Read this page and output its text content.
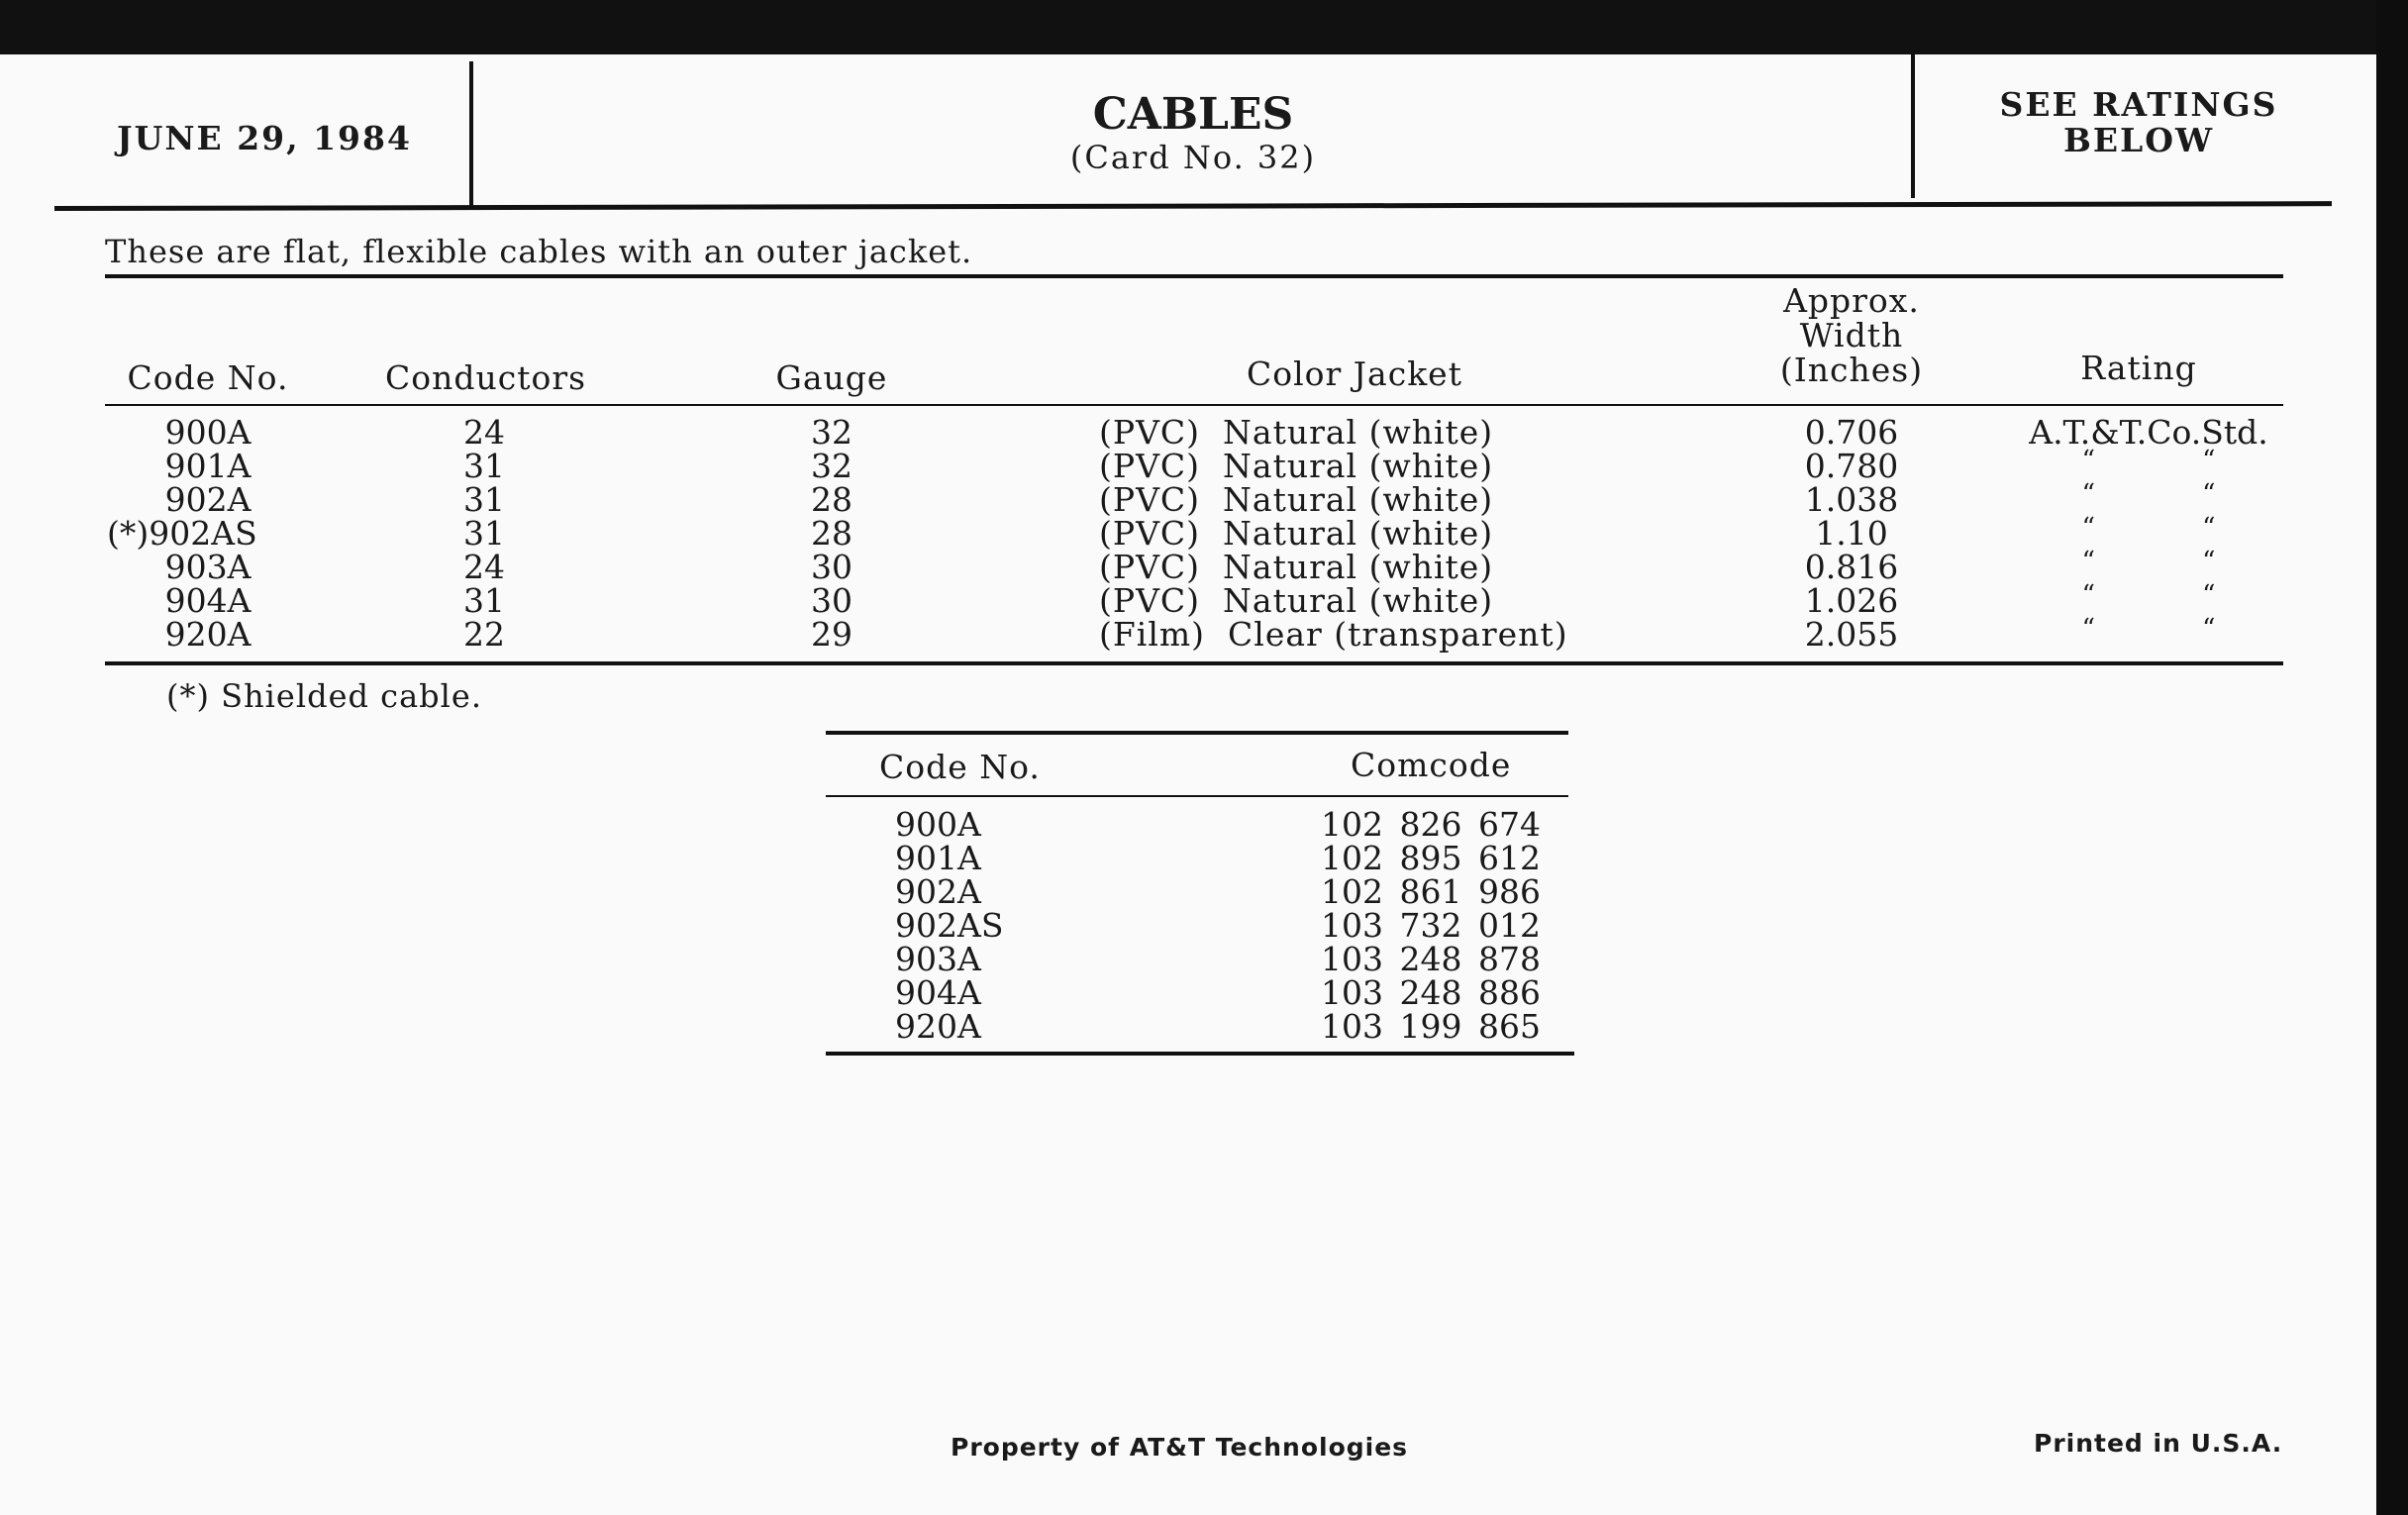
JUNE 29, 1984	CABLES
(Card No. 32)
SEE RATINGS
BELOW
These are flat, flexible cables with an outer jacket.
Code No.	Conductors	Gauge	Color Jacket
Approx.
Width
(Inches)	Rating
900A	24	32	(PVC)  Natural (white)	0.706	A.T.&T.Co.Std.
901A	31	32	(PVC)  Natural (white)	0.780	“ “
902A	31	28	(PVC)  Natural (white)	1.038	“ “
(*)902AS	31	28	(PVC)  Natural (white)	1.10	“ “
903A	24	30	(PVC)  Natural (white)	0.816	“ “
904A	31	30	(PVC)  Natural (white)	1.026	“ “
920A	22	29	(Film)  Clear (transparent)	2.055	“ “
(*) Shielded cable.
Code No.	Comcode
900A	102 826 674
901A	102 895 612
902A	102 861 986
902AS	103 732 012
903A	103 248 878
904A	103 248 886
920A	103 199 865
Property of AT&T Technologies	Printed in U.S.A.
